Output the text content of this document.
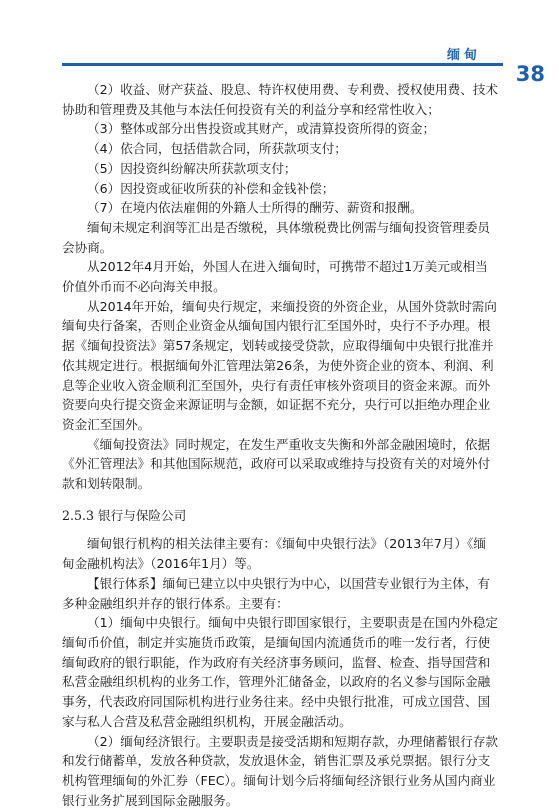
缅甸
38

（2）收益、财产获益、股息、特许权使用费、专利费、授权使用费、技术协助和管理费及其他与本法任何投资有关的利益分享和经常性收入；

（3）整体或部分出售投资或其财产，或清算投资所得的资金；

（4）依合同，包括借款合同，所获款项支付；

（5）因投资纠纷解决所获款项支付；

（6）因投资或征收所获的补偿和金钱补偿；

（7）在境内依法雇佣的外籍人士所得的酬劳、薪资和报酬。

缅甸未规定利润等汇出是否缴税，具体缴税费比例需与缅甸投资管理委员会协商。

从2012年4月开始，外国人在进入缅甸时，可携带不超过1万美元或相当价值外币而不必向海关申报。

从2014年开始，缅甸央行规定，来缅投资的外资企业，从国外贷款时需向缅甸央行备案，否则企业资金从缅甸国内银行汇至国外时，央行不予办理。根据《缅甸投资法》第57条规定，划转或接受贷款，应取得缅甸中央银行批准并依其规定进行。根据缅甸外汇管理法第26条，为使外资企业的资本、利润、利息等企业收入资金顺利汇至国外，央行有责任审核外资项目的资金来源。而外资要向央行提交资金来源证明与金额，如证据不充分，央行可以拒绝办理企业资金汇至国外。

《缅甸投资法》同时规定，在发生严重收支失衡和外部金融困境时，依据《外汇管理法》和其他国际规范，政府可以采取或维持与投资有关的对境外付款和划转限制。

2.5.3 银行与保险公司

缅甸银行机构的相关法律主要有：《缅甸中央银行法》（2013年7月）《缅甸金融机构法》（2016年1月）等。

【银行体系】缅甸已建立以中央银行为中心，以国营专业银行为主体，有多种金融组织并存的银行体系。主要有：

（1）缅甸中央银行。缅甸中央银行即国家银行，主要职责是在国内外稳定缅甸币价值，制定并实施货币政策，是缅甸国内流通货币的唯一发行者，行使缅甸政府的银行职能，作为政府有关经济事务顾问，监督、检查、指导国营和私营金融组织机构的业务工作，管理外汇储备金，以政府的名义参与国际金融事务，代表政府同国际机构进行业务往来。经中央银行批准，可成立国营、国家与私人合营及私营金融组织机构，开展金融活动。

（2）缅甸经济银行。主要职责是接受活期和短期存款，办理储蓄银行存款和发行储蓄单，发放各种贷款，发放退休金，销售汇票及承兑票据。银行分支机构管理缅甸的外汇券（FEC）。缅甸计划今后将缅甸经济银行业务从国内商业银行业务扩展到国际金融服务。
